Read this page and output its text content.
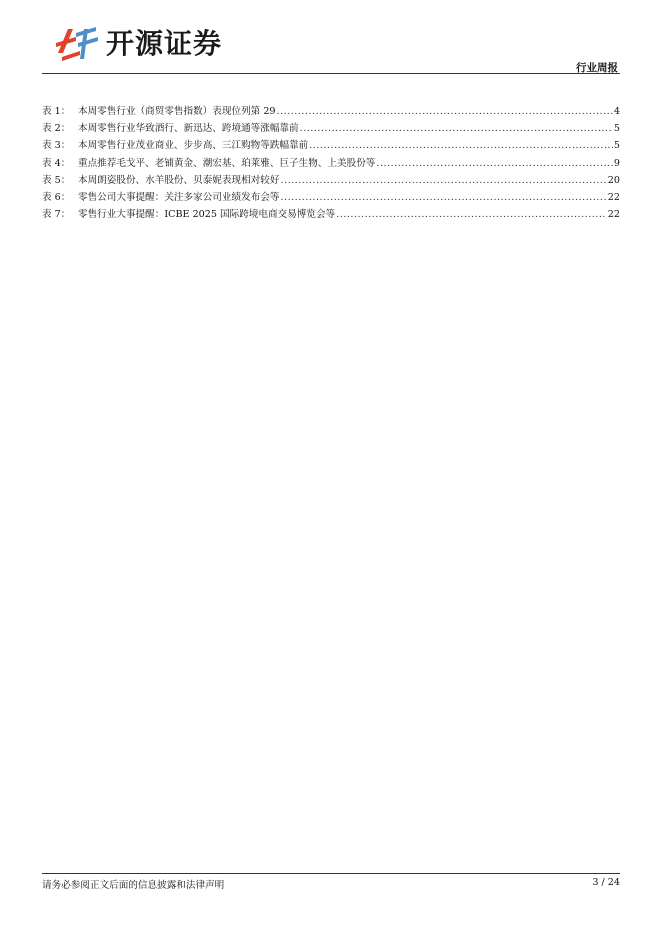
开源证券
行业周报
表 1： 本周零售行业（商贸零售指数）表现位列第 29 .....	4
表 2： 本周零售行业华致酒行、新迅达、跨境通等涨幅靠前 .....	5
表 3： 本周零售行业茂业商业、步步高、三江购物等跌幅靠前 .....	5
表 4： 重点推荐毛戈平、老铺黄金、潮宏基、珀莱雅、巨子生物、上美股份等 .....	9
表 5： 本周朗姿股份、水羊股份、贝泰妮表现相对较好 .....	20
表 6： 零售公司大事提醒：关注多家公司业绩发布会等 .....	22
表 7： 零售行业大事提醒：ICBE 2025 国际跨境电商交易博览会等 .....	22
请务必参阅正文后面的信息披露和法律声明	3 / 24
